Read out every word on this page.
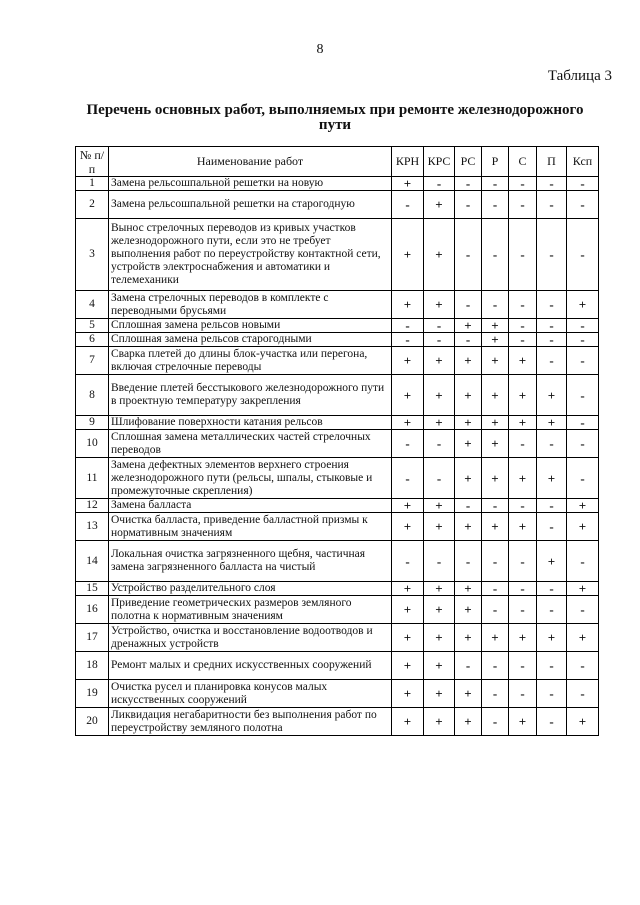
8
Таблица 3
Перечень основных работ, выполняемых при ремонте железнодорожного пути
№ п/п	Наименование работ	КРН	КРС	РС	Р	С	П	Ксп
1	Замена рельсошпальной решетки на новую	+	-	-	-	-	-	-
2	Замена рельсошпальной решетки на старогодную	-	+	-	-	-	-	-
3	Вынос стрелочных переводов из кривых участков железнодорожного пути, если это не требует выполнения работ по переустройству контактной сети, устройств электроснабжения и автоматики и телемеханики	+	+	-	-	-	-	-
4	Замена стрелочных переводов в комплекте с переводными брусьями	+	+	-	-	-	-	+
5	Сплошная замена рельсов новыми	-	-	+	+	-	-	-
6	Сплошная замена рельсов старогодными	-	-	-	+	-	-	-
7	Сварка плетей до длины блок-участка или перегона, включая стрелочные переводы	+	+	+	+	+	-	-
8	Введение плетей бесстыкового железнодорожного пути в проектную температуру закрепления	+	+	+	+	+	+	-
9	Шлифование поверхности катания рельсов	+	+	+	+	+	+	-
10	Сплошная замена металлических частей стрелочных переводов	-	-	+	+	-	-	-
11	Замена дефектных элементов верхнего строения железнодорожного пути (рельсы, шпалы, стыковые и промежуточные скрепления)	-	-	+	+	+	+	-
12	Замена балласта	+	+	-	-	-	-	+
13	Очистка балласта, приведение балластной призмы к нормативным значениям	+	+	+	+	+	-	+
14	Локальная очистка загрязненного щебня, частичная замена загрязненного балласта на чистый	-	-	-	-	-	+	-
15	Устройство разделительного слоя	+	+	+	-	-	-	+
16	Приведение геометрических размеров земляного полотна к нормативным значениям	+	+	+	-	-	-	-
17	Устройство, очистка и восстановление водоотводов и дренажных устройств	+	+	+	+	+	+	+
18	Ремонт малых и средних искусственных сооружений	+	+	-	-	-	-	-
19	Очистка русел и планировка конусов малых искусственных сооружений	+	+	+	-	-	-	-
20	Ликвидация негабаритности без выполнения работ по переустройству земляного полотна	+	+	+	-	+	-	+
